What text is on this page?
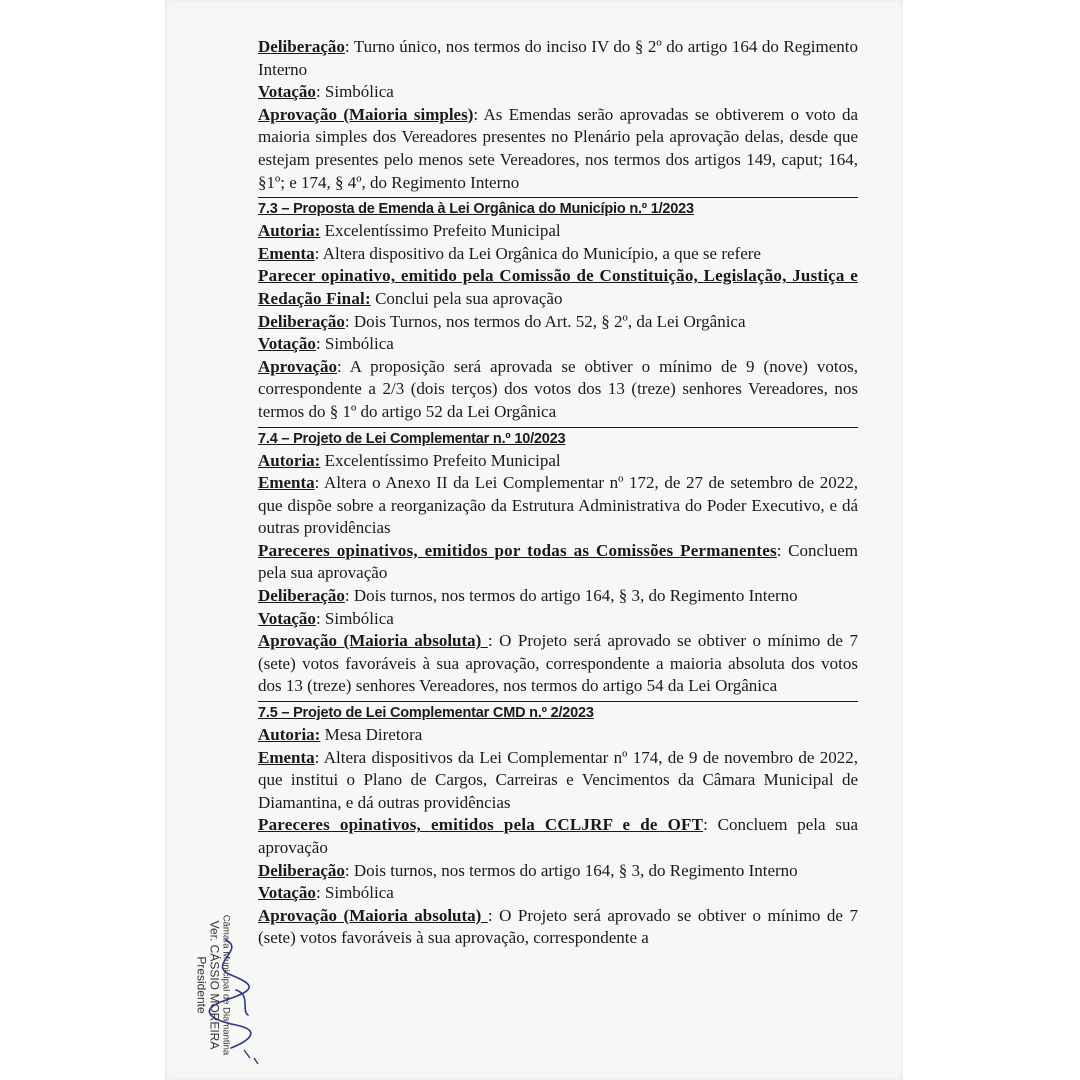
Deliberação: Turno único, nos termos do inciso IV do § 2º do artigo 164 do Regimento Interno

Votação: Simbólica

Aprovação (Maioria simples): As Emendas serão aprovadas se obtiverem o voto da maioria simples dos Vereadores presentes no Plenário pela aprovação delas, desde que estejam presentes pelo menos sete Vereadores, nos termos dos artigos 149, caput; 164, §1º; e 174, § 4º, do Regimento Interno

7.3 – Proposta de Emenda à Lei Orgânica do Município n.º 1/2023

Autoria: Excelentíssimo Prefeito Municipal

Ementa: Altera dispositivo da Lei Orgânica do Município, a que se refere

Parecer opinativo, emitido pela Comissão de Constituição, Legislação, Justiça e Redação Final: Conclui pela sua aprovação

Deliberação: Dois Turnos, nos termos do Art. 52, § 2º, da Lei Orgânica

Votação: Simbólica

Aprovação: A proposição será aprovada se obtiver o mínimo de 9 (nove) votos, correspondente a 2/3 (dois terços) dos votos dos 13 (treze) senhores Vereadores, nos termos do § 1º do artigo 52 da Lei Orgânica

7.4 – Projeto de Lei Complementar n.º 10/2023

Autoria: Excelentíssimo Prefeito Municipal

Ementa: Altera o Anexo II da Lei Complementar nº 172, de 27 de setembro de 2022, que dispõe sobre a reorganização da Estrutura Administrativa do Poder Executivo, e dá outras providências

Pareceres opinativos, emitidos por todas as Comissões Permanentes: Concluem pela sua aprovação

Deliberação: Dois turnos, nos termos do artigo 164, § 3, do Regimento Interno

Votação: Simbólica

Aprovação (Maioria absoluta) : O Projeto será aprovado se obtiver o mínimo de 7 (sete) votos favoráveis à sua aprovação, correspondente a maioria absoluta dos votos dos 13 (treze) senhores Vereadores, nos termos do artigo 54 da Lei Orgânica

7.5 – Projeto de Lei Complementar CMD n.º 2/2023

Autoria: Mesa Diretora

Ementa: Altera dispositivos da Lei Complementar nº 174, de 9 de novembro de 2022, que institui o Plano de Cargos, Carreiras e Vencimentos da Câmara Municipal de Diamantina, e dá outras providências

Pareceres opinativos, emitidos pela CCLJRF e de OFT: Concluem pela sua aprovação

Deliberação: Dois turnos, nos termos do artigo 164, § 3, do Regimento Interno

Votação: Simbólica

Aprovação (Maioria absoluta) : O Projeto será aprovado se obtiver o mínimo de 7 (sete) votos favoráveis à sua aprovação, correspondente a

Câmara Municipal de Diamantina
Ver. CÁSSIO MOREIRA
Presidente
